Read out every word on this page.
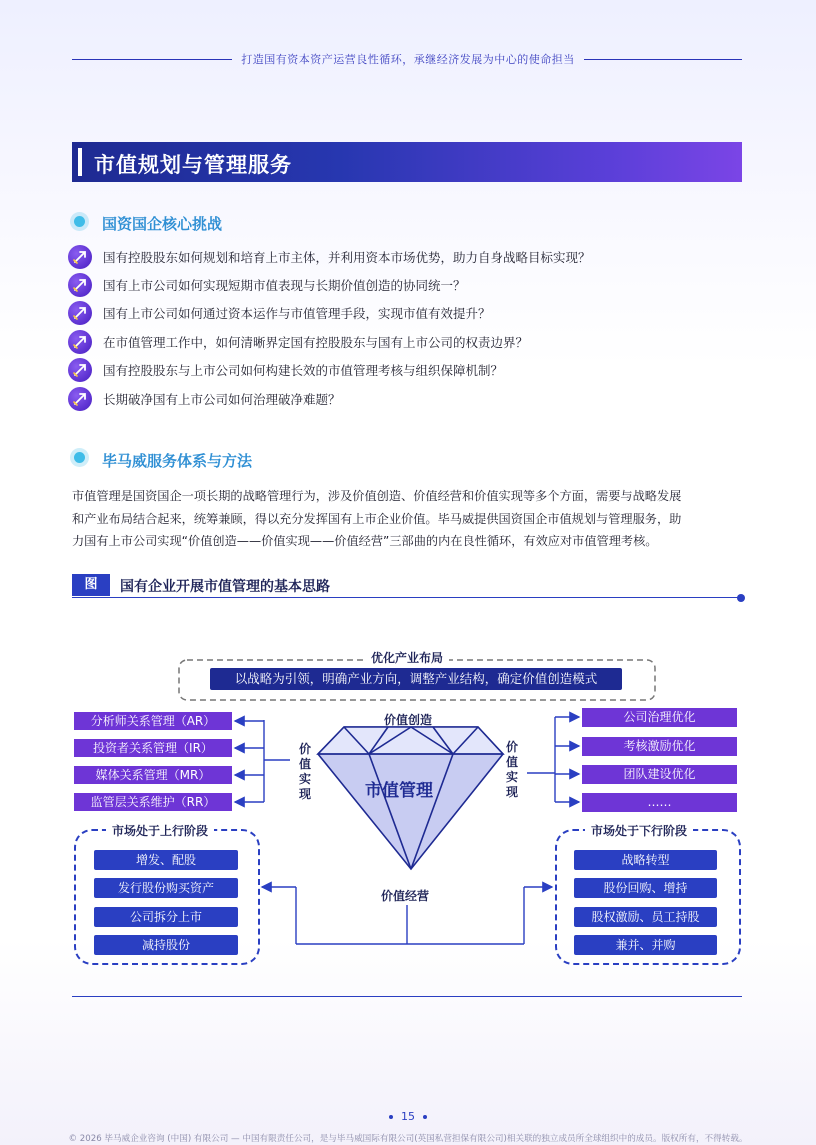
打造国有资本资产运营良性循环，承继经济发展为中心的使命担当
市值规划与管理服务
国资国企核心挑战
国有控股股东如何规划和培育上市主体，并利用资本市场优势，助力自身战略目标实现？
国有上市公司如何实现短期市值表现与长期价值创造的协同统一？
国有上市公司如何通过资本运作与市值管理手段，实现市值有效提升？
在市值管理工作中，如何清晰界定国有控股股东与国有上市公司的权责边界？
国有控股股东与上市公司如何构建长效的市值管理考核与组织保障机制？
长期破净国有上市公司如何治理破净难题？
毕马威服务体系与方法
市值管理是国资国企一项长期的战略管理行为，涉及价值创造、价值经营和价值实现等多个方面，需要与战略发展
和产业布局结合起来，统筹兼顾，得以充分发挥国有上市企业价值。毕马威提供国资国企市值规划与管理服务，助
力国有上市公司实现“价值创造——价值实现——价值经营”三部曲的内在良性循环，有效应对市值管理考核。
图	国有企业开展市值管理的基本思路
优化产业布局
以战略为引领，明确产业方向，调整产业结构，确定价值创造模式
价值创造
市值管理
价值经营
价
值
实
现
价
值
实
现
分析师关系管理（AR）
投资者关系管理（IR）
媒体关系管理（MR）
监管层关系维护（RR）
公司治理优化
考核激励优化
团队建设优化
……
市场处于上行阶段
增发、配股
发行股份购买资产
公司拆分上市
减持股份
市场处于下行阶段
战略转型
股份回购、增持
股权激励、员工持股
兼并、并购
15
© 2026 毕马威企业咨询 (中国) 有限公司 — 中国有限责任公司，是与毕马威国际有限公司(英国私营担保有限公司)相关联的独立成员所全球组织中的成员。版权所有，不得转载。
